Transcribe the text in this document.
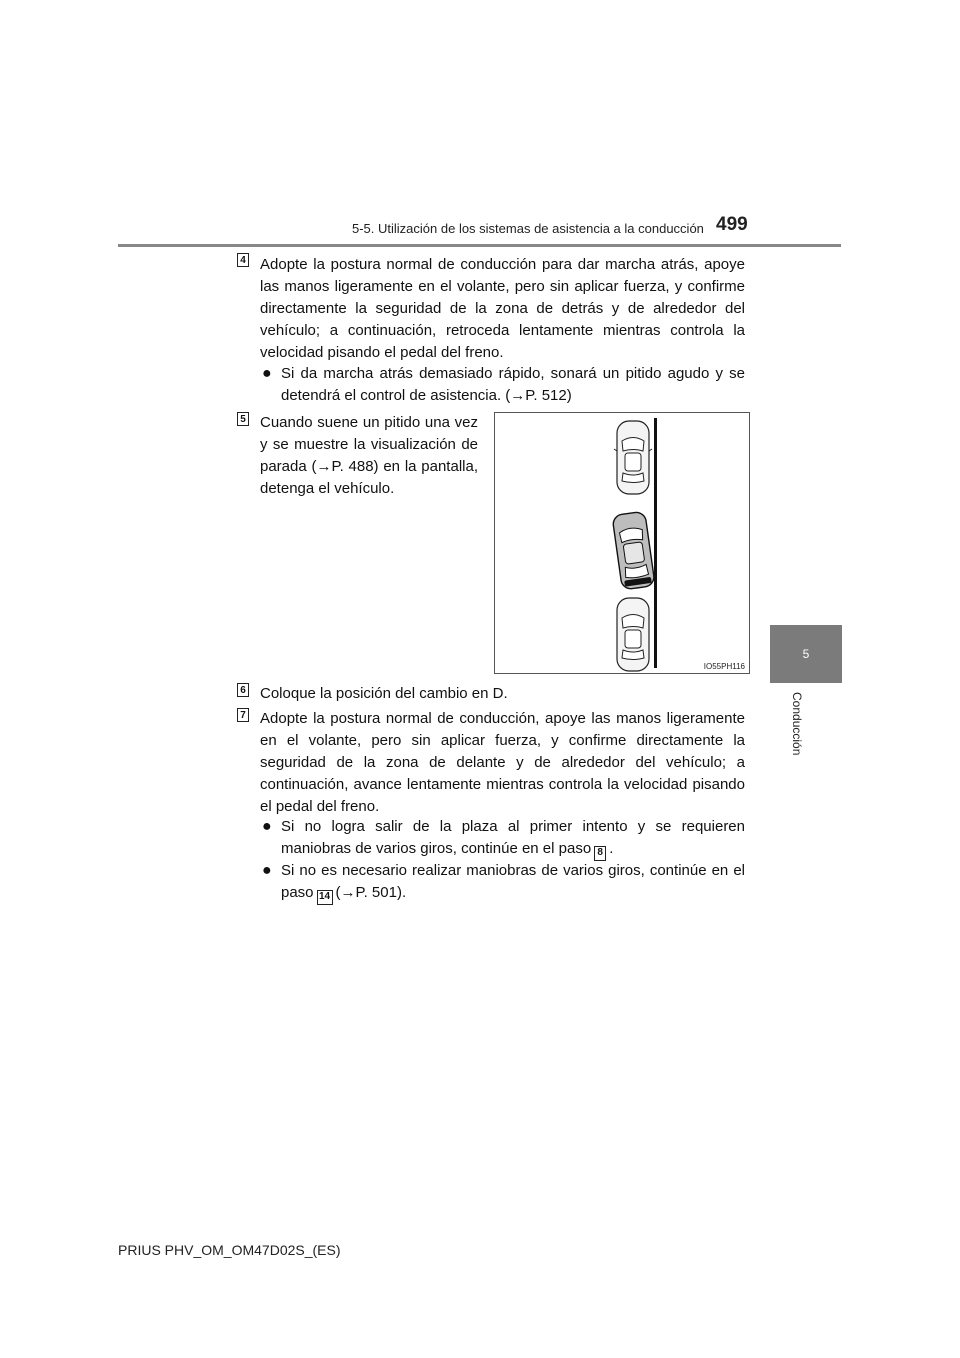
5-5. Utilización de los sistemas de asistencia a la conducción 499
5
Conducción
4 Adopte la postura normal de conducción para dar marcha atrás, apoye las manos ligeramente en el volante, pero sin aplicar fuerza, y confirme directamente la seguridad de la zona de detrás y de alrededor del vehículo; a continuación, retroceda lentamente mientras controla la velocidad pisando el pedal del freno.

● Si da marcha atrás demasiado rápido, sonará un pitido agudo y se detendrá el control de asistencia. (→P. 512)

5 Cuando suene un pitido una vez y se muestre la visualización de parada (→P. 488) en la pantalla, detenga el vehículo.

IO55PH116
6 Coloque la posición del cambio en D.

7 Adopte la postura normal de conducción, apoye las manos ligeramente en el volante, pero sin aplicar fuerza, y confirme directamente la seguridad de la zona de delante y de alrededor del vehículo; a continuación, avance lentamente mientras controla la velocidad pisando el pedal del freno.

● Si no logra salir de la plaza al primer intento y se requieren maniobras de varios giros, continúe en el paso 8 .

● Si no es necesario realizar maniobras de varios giros, continúe en el paso 14 (→P. 501).

PRIUS PHV_OM_OM47D02S_(ES)
